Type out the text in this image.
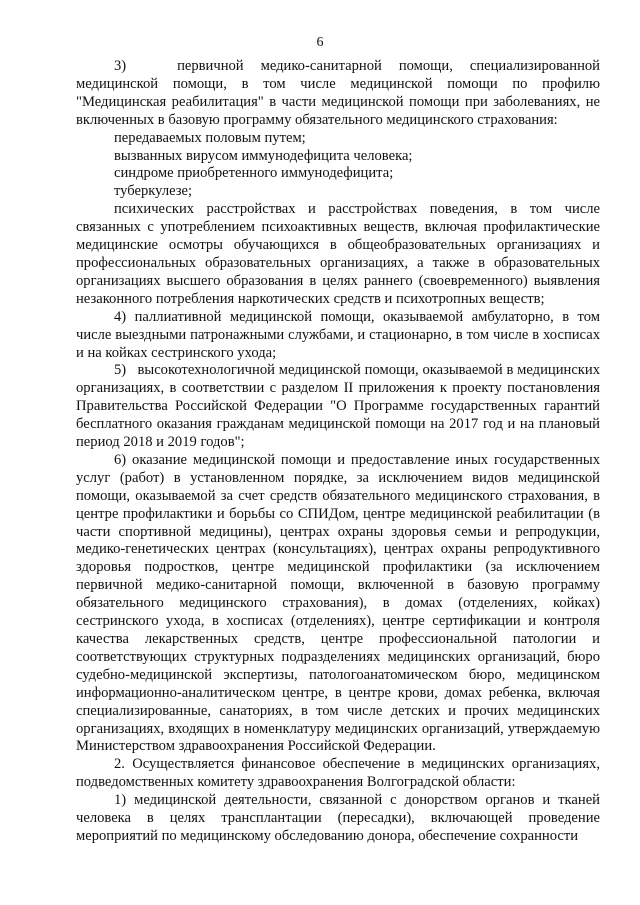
6

3)   первичной медико-санитарной помощи, специализированной медицинской помощи, в том числе медицинской помощи по профилю "Медицинская реабилитация" в части медицинской помощи при заболеваниях, не включенных в базовую программу обязательного медицинского страхования:

передаваемых половым путем;

вызванных вирусом иммунодефицита человека;

синдроме приобретенного иммунодефицита;

туберкулезе;

психических расстройствах и расстройствах поведения, в том числе связанных с употреблением психоактивных веществ, включая профилактические медицинские осмотры обучающихся в общеобразовательных организациях и профессиональных образовательных организациях, а также в образовательных организациях высшего образования в целях раннего (своевременного) выявления незаконного потребления наркотических средств и психотропных веществ;

4) паллиативной медицинской помощи, оказываемой амбулаторно, в том числе выездными патронажными службами, и стационарно, в том числе в хосписах и на койках сестринского ухода;

5)   высокотехнологичной медицинской помощи, оказываемой в медицинских организациях, в соответствии с разделом II приложения к проекту постановления Правительства Российской Федерации "О Программе государственных гарантий бесплатного оказания гражданам медицинской помощи на 2017 год и на плановый период 2018 и 2019 годов";

6) оказание медицинской помощи и предоставление иных государственных услуг (работ) в установленном порядке, за исключением видов медицинской помощи, оказываемой за счет средств обязательного медицинского страхования, в центре профилактики и борьбы со СПИДом, центре медицинской реабилитации (в части спортивной медицины), центрах охраны здоровья семьи и репродукции, медико-генетических центрах (консультациях), центрах охраны репродуктивного здоровья подростков, центре медицинской профилактики (за исключением первичной медико-санитарной помощи, включенной в базовую программу обязательного медицинского страхования), в домах (отделениях, койках) сестринского ухода, в хосписах (отделениях), центре сертификации и контроля качества лекарственных средств, центре профессиональной патологии и соответствующих структурных подразделениях медицинских организаций, бюро судебно-медицинской экспертизы, патологоанатомическом бюро, медицинском информационно-аналитическом центре, в центре крови, домах ребенка, включая специализированные, санаториях, в том числе детских и прочих медицинских организациях, входящих в номенклатуру медицинских организаций, утверждаемую Министерством здравоохранения Российской Федерации.

2. Осуществляется финансовое обеспечение в медицинских организациях, подведомственных комитету здравоохранения Волгоградской области:

1) медицинской деятельности, связанной с донорством органов и тканей человека в целях трансплантации (пересадки), включающей проведение мероприятий по медицинскому обследованию донора, обеспечение сохранности
